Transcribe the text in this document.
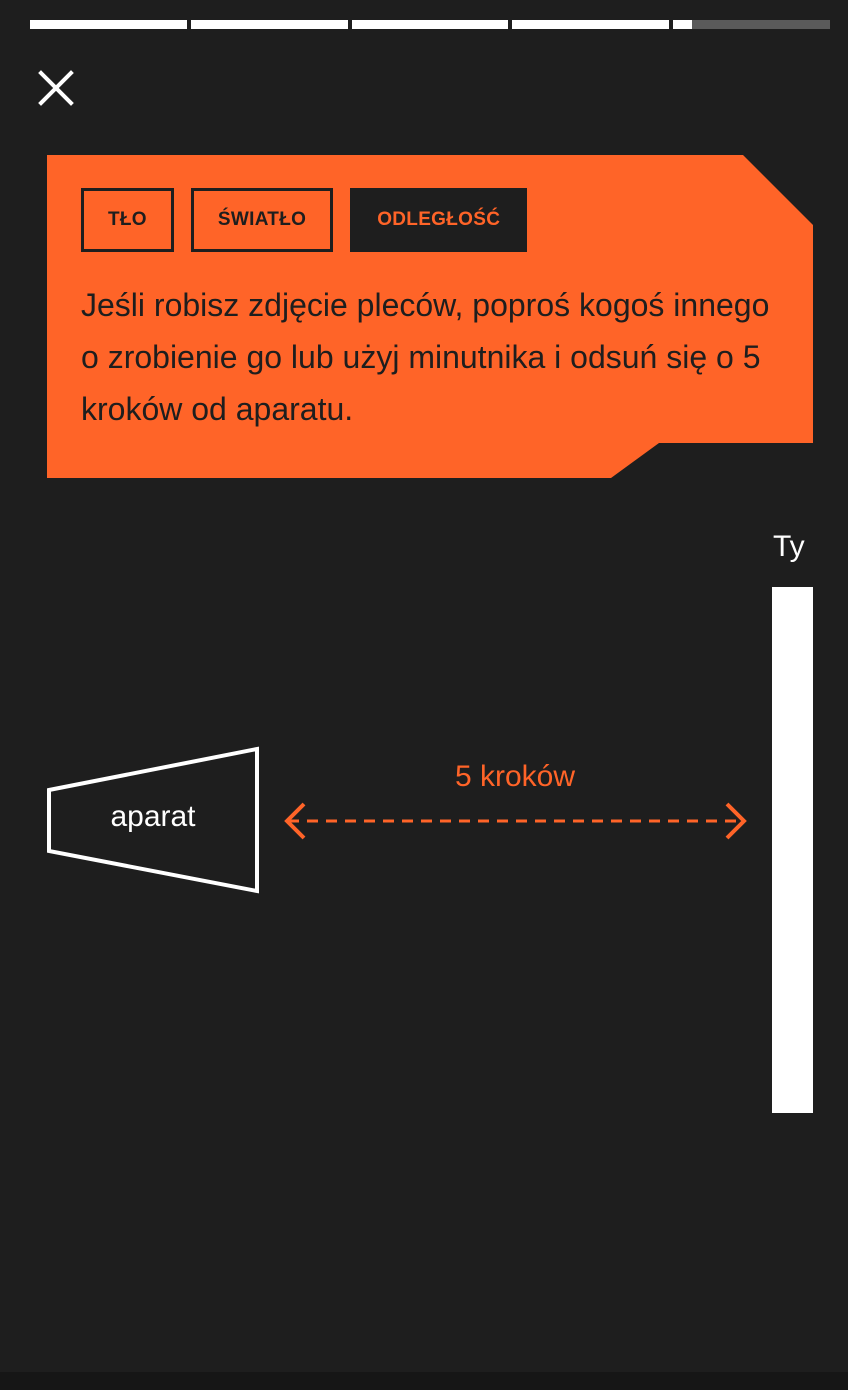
TŁO	ŚWIATŁO	ODLEGŁOŚĆ
Jeśli robisz zdjęcie pleców, poproś kogoś innego o zrobienie go lub użyj minutnika i odsuń się o 5 kroków od aparatu.
Ty
aparat
5 kroków
